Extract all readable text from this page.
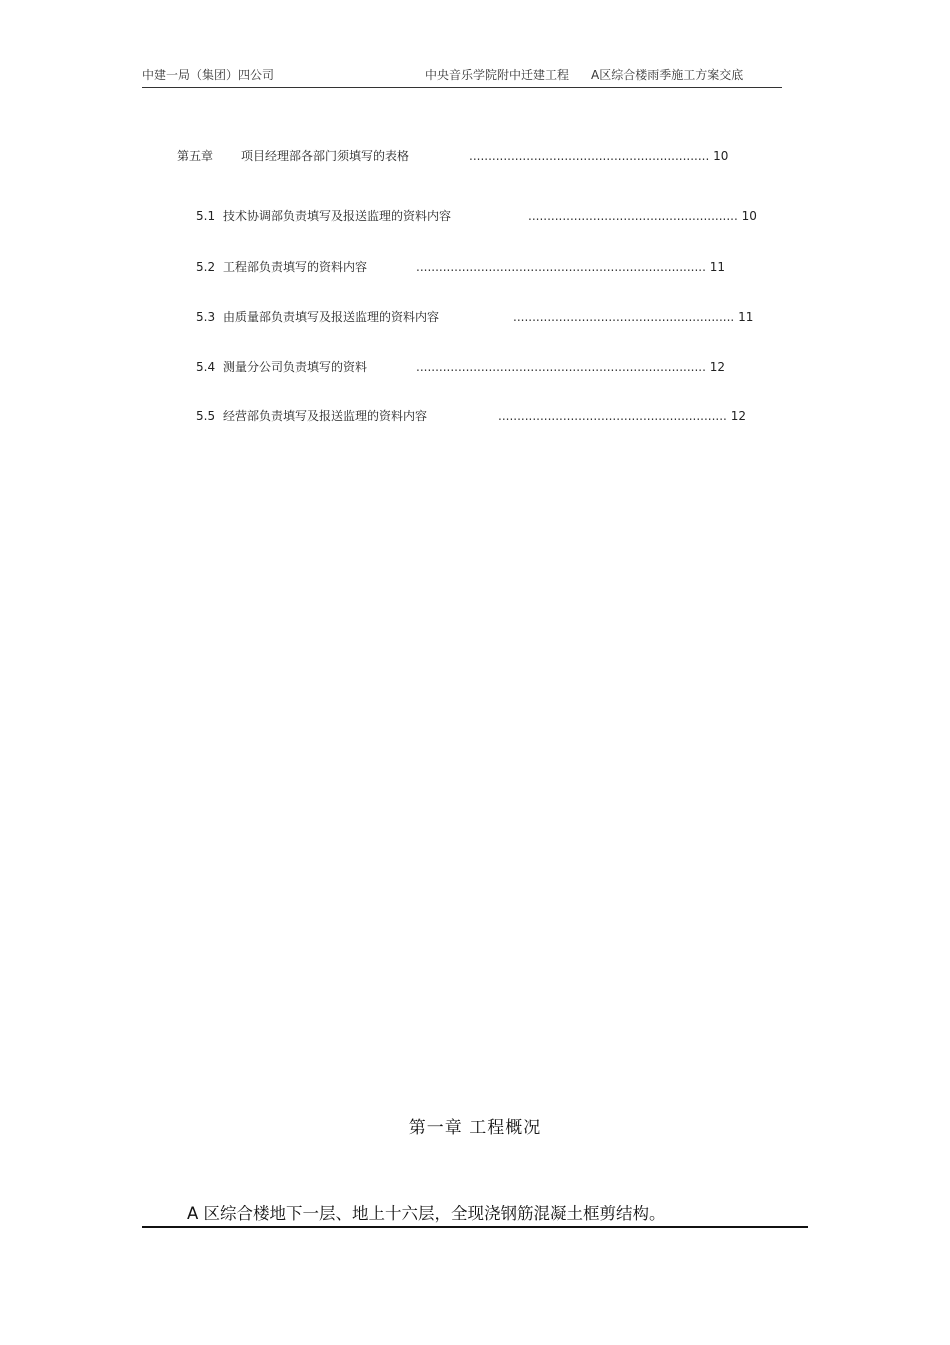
中建一局（集团）四公司	中央音乐学院附中迁建工程 A区综合楼雨季施工方案交底
第五章 项目经理部各部门须填写的表格	............................................................... 10
5.1 技术协调部负责填写及报送监理的资料内容	....................................................... 10
5.2 工程部负责填写的资料内容	............................................................................ 11
5.3 由质量部负责填写及报送监理的资料内容	.......................................................... 11
5.4 测量分公司负责填写的资料	............................................................................ 12
5.5 经营部负责填写及报送监理的资料内容	............................................................ 12
第一章 工程概况
A 区综合楼地下一层、地上十六层，全现浇钢筋混凝土框剪结构。
